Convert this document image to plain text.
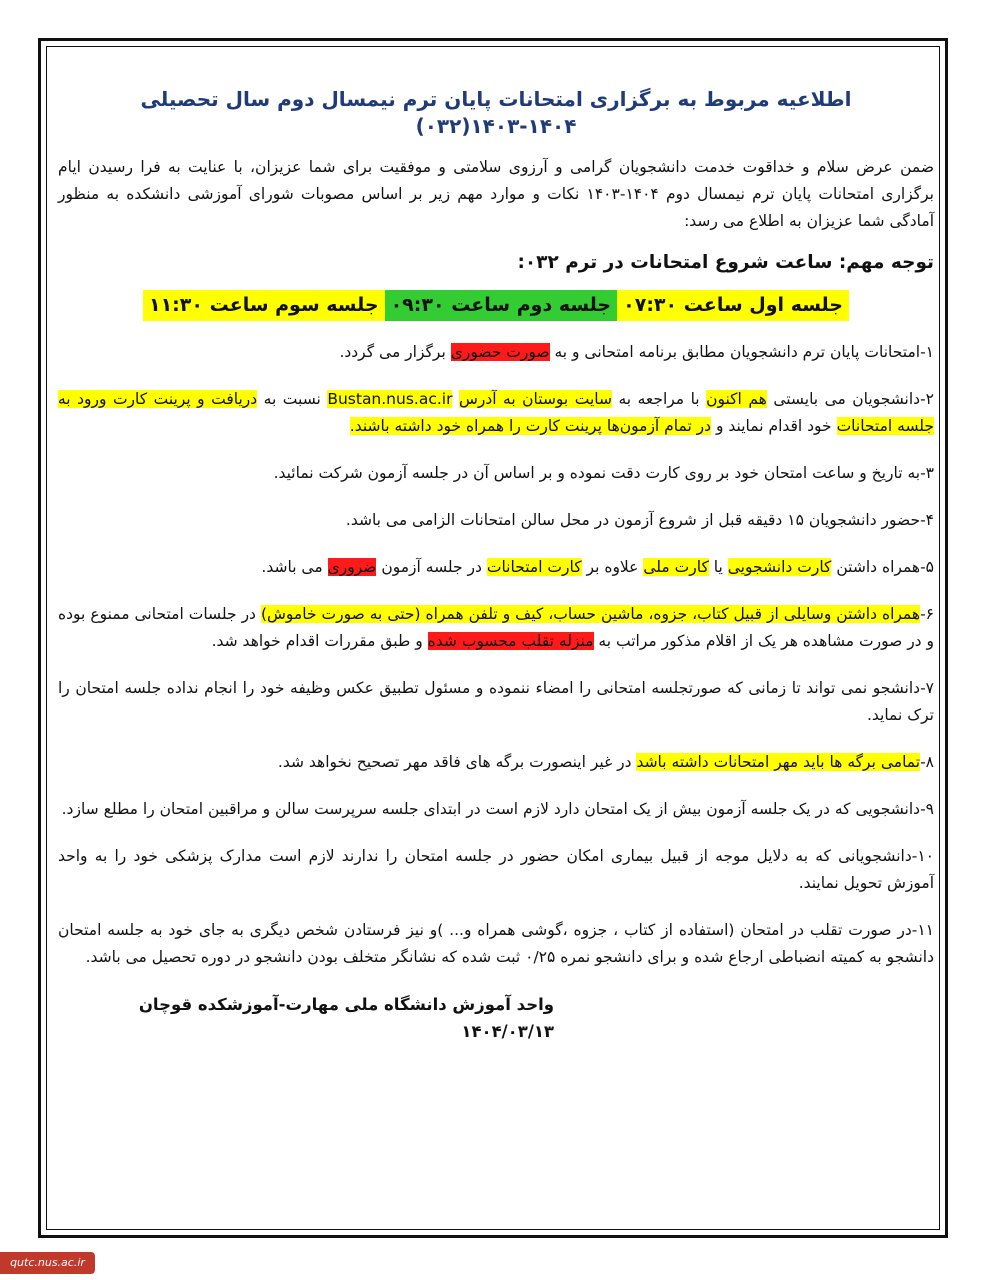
اطلاعیه مربوط به برگزاری امتحانات پایان ترم نیمسال دوم سال تحصیلی ۱۴۰۴-۱۴۰۳(۰۳۲)

ضمن عرض سلام و خداقوت خدمت دانشجویان گرامی و آرزوی سلامتی و موفقیت برای شما عزیزان، با عنایت به فرا رسیدن ایام برگزاری امتحانات پایان ترم نیمسال دوم ۱۴۰۴-۱۴۰۳ نکات و موارد مهم زیر بر اساس مصوبات شورای آموزشی دانشکده به منظور آمادگی شما عزیزان به اطلاع می رسد:

توجه مهم: ساعت شروع امتحانات در ترم ۰۳۲:
جلسه اول ساعت ۰۷:۳۰جلسه دوم ساعت ۰۹:۳۰جلسه سوم ساعت ۱۱:۳۰

۱-امتحانات پایان ترم دانشجویان مطابق برنامه امتحانی و به صورت حضوری برگزار می گردد.

۲-دانشجویان می بایستی هم اکنون با مراجعه به سایت بوستان به آدرس Bustan.nus.ac.ir نسبت به دریافت و پرینت کارت ورود به جلسه امتحانات خود اقدام نمایند و در تمام آزمون‌ها پرینت کارت را همراه خود داشته باشند.

۳-به تاریخ و ساعت امتحان خود بر روی کارت دقت نموده و بر اساس آن در جلسه آزمون شرکت نمائید.

۴-حضور دانشجویان ۱۵ دقیقه قبل از شروع آزمون در محل سالن امتحانات الزامی می باشد.

۵-همراه داشتن کارت دانشجویی یا کارت ملی علاوه بر کارت امتحانات در جلسه آزمون ضروری می باشد.

۶-همراه داشتن وسایلی از قبیل کتاب، جزوه، ماشین حساب، کیف و تلفن همراه (حتی به صورت خاموش) در جلسات امتحانی ممنوع بوده و در صورت مشاهده هر یک از اقلام مذکور مراتب به منزله تقلب محسوب شده و طبق مقررات اقدام خواهد شد.

۷-دانشجو نمی تواند تا زمانی که صورتجلسه امتحانی را امضاء ننموده و مسئول تطبیق عکس وظیفه خود را انجام نداده جلسه امتحان را ترک نماید.

۸-تمامی برگه ها باید مهر امتحانات داشته باشد در غیر اینصورت برگه های فاقد مهر تصحیح نخواهد شد.

۹-دانشجویی که در یک جلسه آزمون بیش از یک امتحان دارد لازم است در ابتدای جلسه سرپرست سالن و مراقبین امتحان را مطلع سازد.

۱۰-دانشجویانی که به دلایل موجه از قبیل بیماری امکان حضور در جلسه امتحان را ندارند لازم است مدارک پزشکی خود را به واحد آموزش تحویل نمایند.

۱۱-در صورت تقلب در امتحان (استفاده از کتاب ، جزوه ،گوشی همراه و... )و نیز فرستادن شخص دیگری به جای خود به جلسه امتحان دانشجو به کمیته انضباطی ارجاع شده و برای دانشجو نمره ۰/۲۵ ثبت شده که نشانگر متخلف بودن دانشجو در دوره تحصیل می باشد.

واحد آموزش دانشگاه ملی مهارت-آموزشکده قوچان ۱۴۰۴/۰۳/۱۳
qutc.nus.ac.ir
